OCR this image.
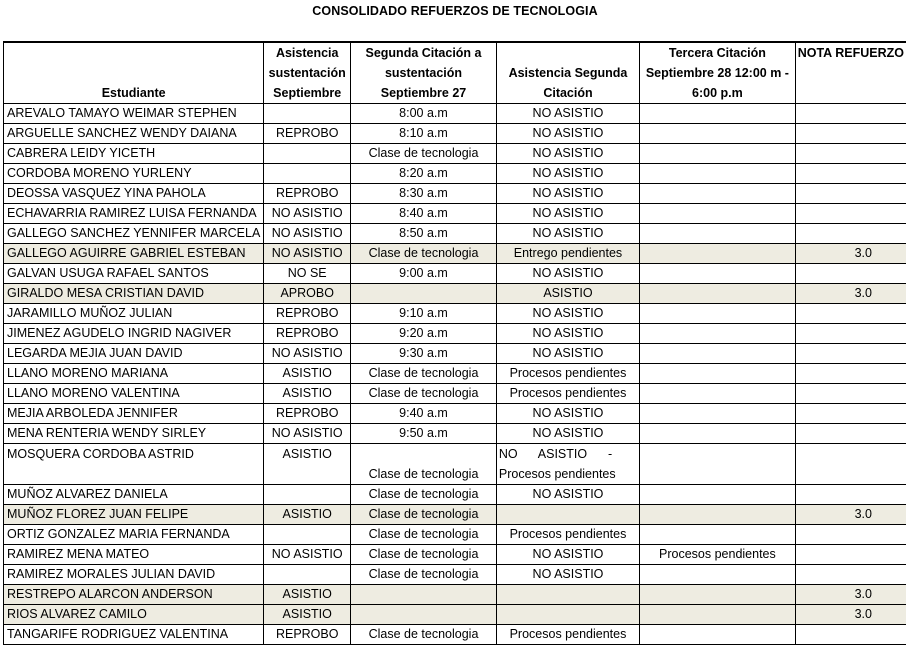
CONSOLIDADO REFUERZOS DE TECNOLOGIA
Estudiante	Asistencia sustentación Septiembre	Segunda Citación a sustentación Septiembre 27	Asistencia Segunda Citación	Tercera Citación Septiembre 28 12:00 m - 6:00 p.m	NOTA REFUERZO
AREVALO TAMAYO WEIMAR STEPHEN		8:00 a.m	NO ASISTIO		
ARGUELLE SANCHEZ WENDY DAIANA	REPROBO	8:10 a.m	NO ASISTIO		
CABRERA LEIDY YICETH		Clase de tecnologia	NO ASISTIO		
CORDOBA MORENO YURLENY		8:20 a.m	NO ASISTIO		
DEOSSA VASQUEZ YINA PAHOLA	REPROBO	8:30 a.m	NO ASISTIO		
ECHAVARRIA RAMIREZ LUISA FERNANDA	NO ASISTIO	8:40 a.m	NO ASISTIO		
GALLEGO SANCHEZ YENNIFER MARCELA	NO ASISTIO	8:50 a.m	NO ASISTIO		
GALLEGO AGUIRRE GABRIEL ESTEBAN	NO ASISTIO	Clase de tecnologia	Entrego pendientes		3.0
GALVAN USUGA RAFAEL SANTOS	NO SE	9:00 a.m	NO ASISTIO		
GIRALDO MESA CRISTIAN DAVID	APROBO		ASISTIO		3.0
JARAMILLO MUÑOZ JULIAN	REPROBO	9:10 a.m	NO ASISTIO		
JIMENEZ AGUDELO INGRID NAGIVER	REPROBO	9:20 a.m	NO ASISTIO		
LEGARDA MEJIA JUAN DAVID	NO ASISTIO	9:30 a.m	NO ASISTIO		
LLANO MORENO MARIANA	ASISTIO	Clase de tecnologia	Procesos pendientes		
LLANO MORENO VALENTINA	ASISTIO	Clase de tecnologia	Procesos pendientes		
MEJIA ARBOLEDA JENNIFER	REPROBO	9:40 a.m	NO ASISTIO		
MENA RENTERIA WENDY SIRLEY	NO ASISTIO	9:50 a.m	NO ASISTIO		
MOSQUERA CORDOBA ASTRID	ASISTIO	Clase de tecnologia	NO      ASISTIO      -
Procesos pendientes		

MUÑOZ ALVAREZ DANIELA		Clase de tecnologia	NO ASISTIO		
MUÑOZ FLOREZ JUAN FELIPE	ASISTIO	Clase de tecnologia			3.0
ORTIZ GONZALEZ MARIA FERNANDA		Clase de tecnologia	Procesos pendientes		
RAMIREZ MENA MATEO	NO ASISTIO	Clase de tecnologia	NO ASISTIO	Procesos pendientes	
RAMIREZ MORALES JULIAN DAVID		Clase de tecnologia	NO ASISTIO		
RESTREPO ALARCON ANDERSON	ASISTIO				3.0
RIOS ALVAREZ CAMILO	ASISTIO				3.0
TANGARIFE RODRIGUEZ VALENTINA	REPROBO	Clase de tecnologia	Procesos pendientes		
